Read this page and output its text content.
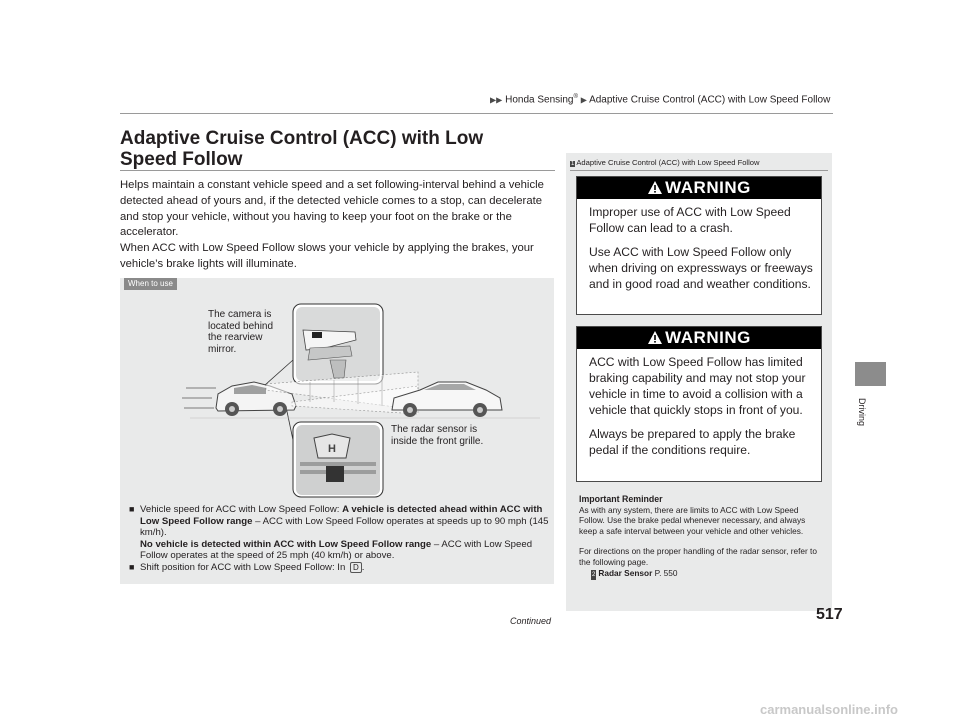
▶▶ Honda Sensing® ▶ Adaptive Cruise Control (ACC) with Low Speed Follow
Driving
Adaptive Cruise Control (ACC) with Low Speed Follow

Helps maintain a constant vehicle speed and a set following-interval behind a vehicle detected ahead of yours and, if the detected vehicle comes to a stop, can decelerate and stop your vehicle, without you having to keep your foot on the brake or the accelerator.

When ACC with Low Speed Follow slows your vehicle by applying the brakes, your vehicle’s brake lights will illuminate.

When to use
H
The camera is
located behind
the rearview
mirror.
The radar sensor is
inside the front grille.
■ Vehicle speed for ACC with Low Speed Follow: A vehicle is detected ahead within ACC with Low Speed Follow range – ACC with Low Speed Follow operates at speeds up to 90 mph (145 km/h).
No vehicle is detected within ACC with Low Speed Follow range – ACC with Low Speed Follow operates at the speed of 25 mph (40 km/h) or above.
■ Shift position for ACC with Low Speed Follow: In D .
1 Adaptive Cruise Control (ACC) with Low Speed Follow
WARNING

Improper use of ACC with Low Speed Follow can lead to a crash.

Use ACC with Low Speed Follow only when driving on expressways or freeways and in good road and weather conditions.

WARNING

ACC with Low Speed Follow has limited braking capability and may not stop your vehicle in time to avoid a collision with a vehicle that quickly stops in front of you.

Always be prepared to apply the brake pedal if the conditions require.

Important Reminder

As with any system, there are limits to ACC with Low Speed Follow. Use the brake pedal whenever necessary, and always keep a safe interval between your vehicle and other vehicles.

For directions on the proper handling of the radar sensor, refer to the following page.

2 Radar Sensor P. 550

Continued	517
carmanualsonline.info
